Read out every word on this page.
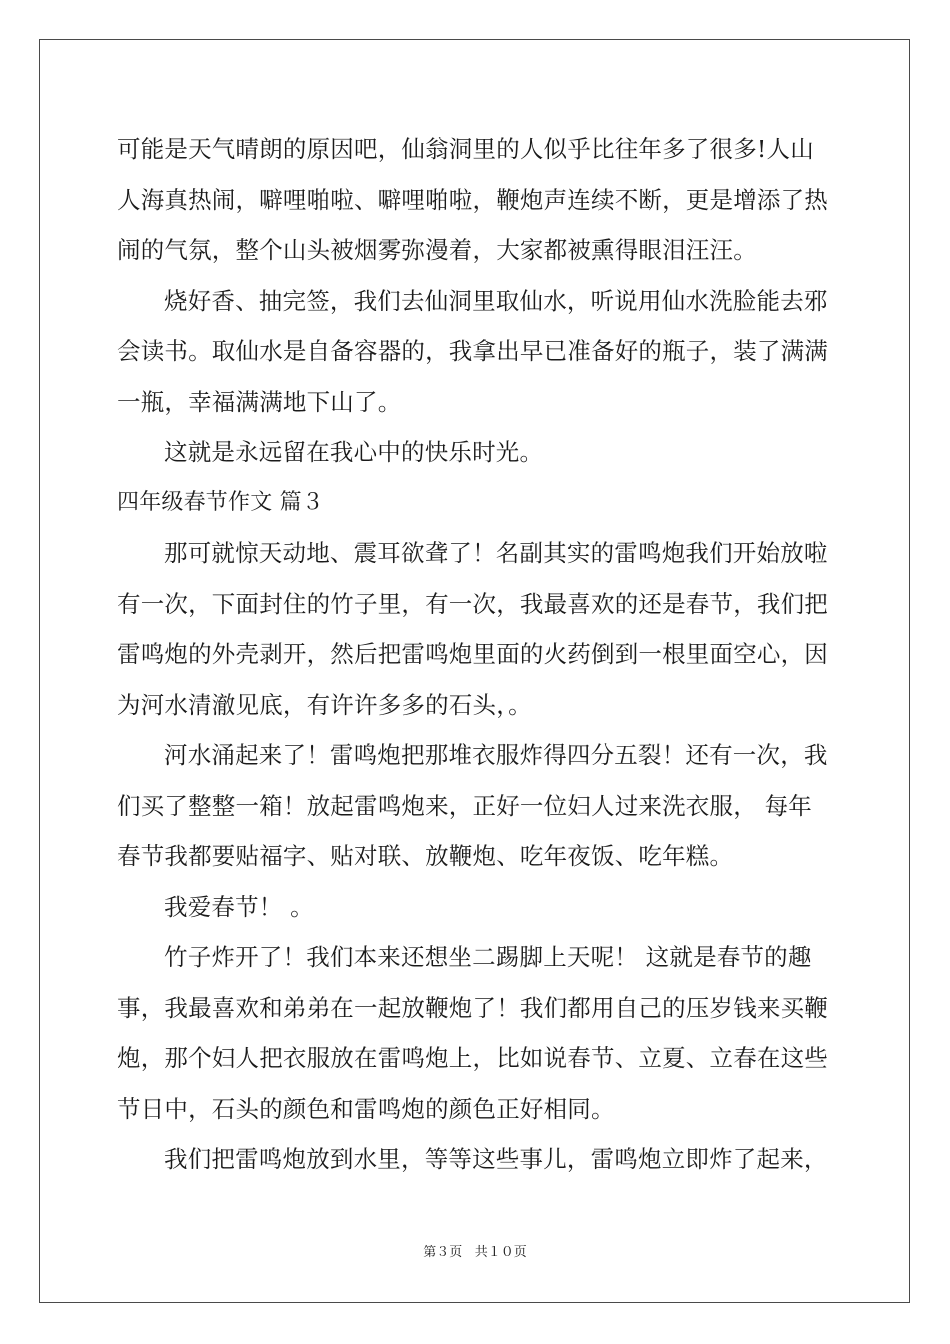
可能是天气晴朗的原因吧，仙翁洞里的人似乎比往年多了很多!人山
人海真热闹，噼哩啪啦、噼哩啪啦，鞭炮声连续不断，更是增添了热
闹的气氛，整个山头被烟雾弥漫着，大家都被熏得眼泪汪汪。
烧好香、抽完签，我们去仙洞里取仙水，听说用仙水洗脸能去邪
会读书。取仙水是自备容器的，我拿出早已准备好的瓶子，装了满满
一瓶，幸福满满地下山了。
这就是永远留在我心中的快乐时光。
四年级春节作文 篇３
那可就惊天动地、震耳欲聋了！名副其实的雷鸣炮我们开始放啦
有一次，下面封住的竹子里，有一次，我最喜欢的还是春节，我们把
雷鸣炮的外壳剥开，然后把雷鸣炮里面的火药倒到一根里面空心，因
为河水清澈见底，有许许多多的石头，。
河水涌起来了！雷鸣炮把那堆衣服炸得四分五裂！还有一次，我
们买了整整一箱！放起雷鸣炮来，正好一位妇人过来洗衣服， 每年
春节我都要贴福字、贴对联、放鞭炮、吃年夜饭、吃年糕。
我爱春节！ 。
竹子炸开了！我们本来还想坐二踢脚上天呢！ 这就是春节的趣
事，我最喜欢和弟弟在一起放鞭炮了！我们都用自己的压岁钱来买鞭
炮，那个妇人把衣服放在雷鸣炮上，比如说春节、立夏、立春在这些
节日中，石头的颜色和雷鸣炮的颜色正好相同。
我们把雷鸣炮放到水里，等等这些事儿，雷鸣炮立即炸了起来，
第３页 共１０页
